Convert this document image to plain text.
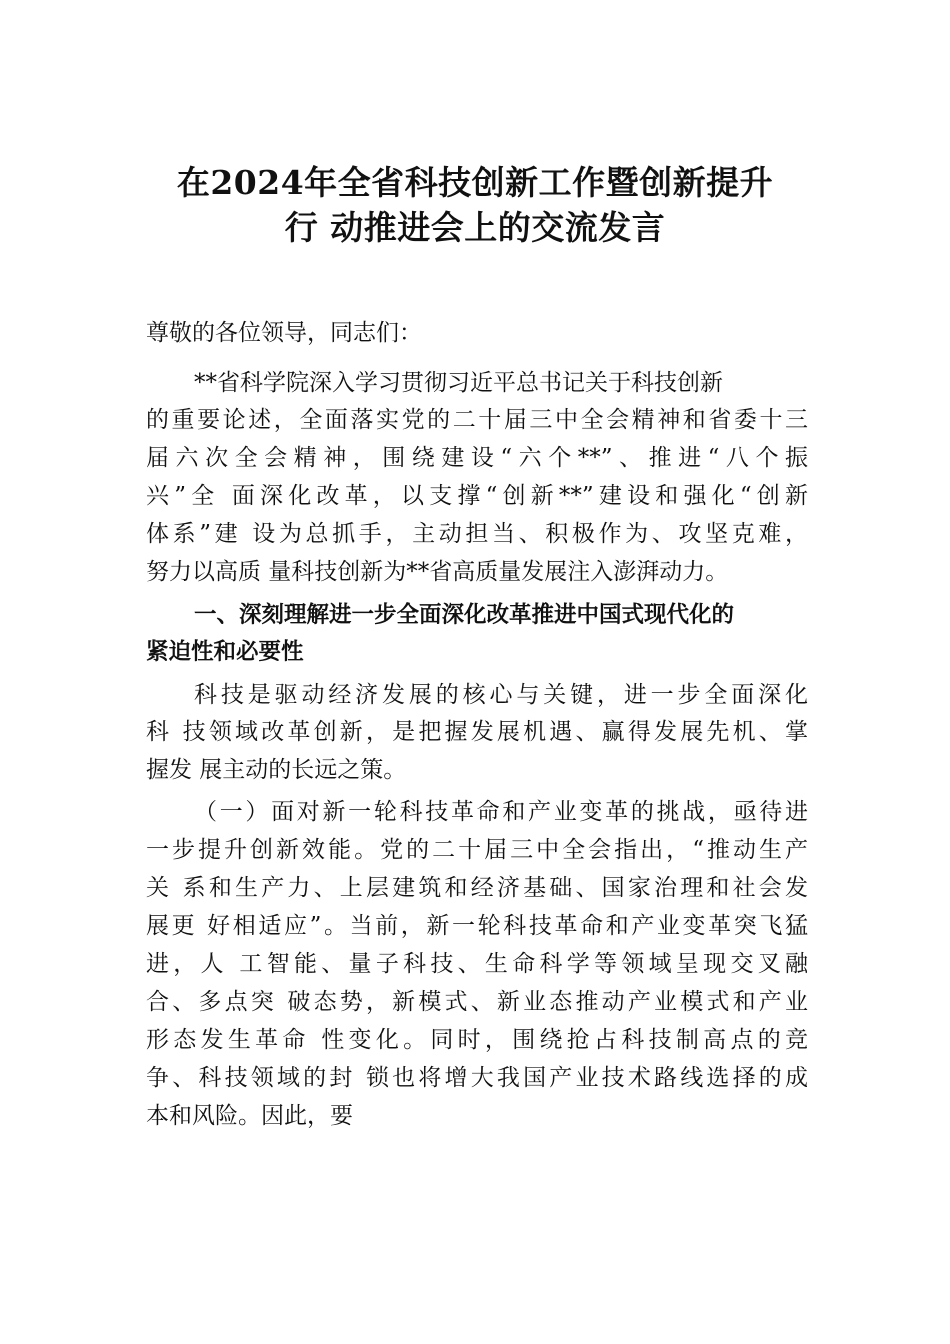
在2024年全省科技创新工作暨创新提升
行 动推进会上的交流发言
尊敬的各位领导，同志们：
**省科学院深入学习贯彻习近平总书记关于科技创新
的重要论述，全面落实党的二十届三中全会精神和省委十三
届六次全会精神，围绕建设“六个**”、推进“八个振
兴”全 面深化改革，以支撑“创新**”建设和强化“创新
体系”建 设为总抓手，主动担当、积极作为、攻坚克难，
努力以高质 量科技创新为**省高质量发展注入澎湃动力。
一、深刻理解进一步全面深化改革推进中国式现代化的
紧迫性和必要性
科技是驱动经济发展的核心与关键，进一步全面深化
科 技领域改革创新，是把握发展机遇、赢得发展先机、掌
握发 展主动的长远之策。
（一）面对新一轮科技革命和产业变革的挑战，亟待进
一步提升创新效能。党的二十届三中全会指出，“推动生产
关 系和生产力、上层建筑和经济基础、国家治理和社会发
展更 好相适应”。当前，新一轮科技革命和产业变革突飞猛
进，人 工智能、量子科技、生命科学等领域呈现交叉融
合、多点突 破态势，新模式、新业态推动产业模式和产业
形态发生革命 性变化。同时，围绕抢占科技制高点的竞
争、科技领域的封 锁也将增大我国产业技术路线选择的成
本和风险。因此，要
